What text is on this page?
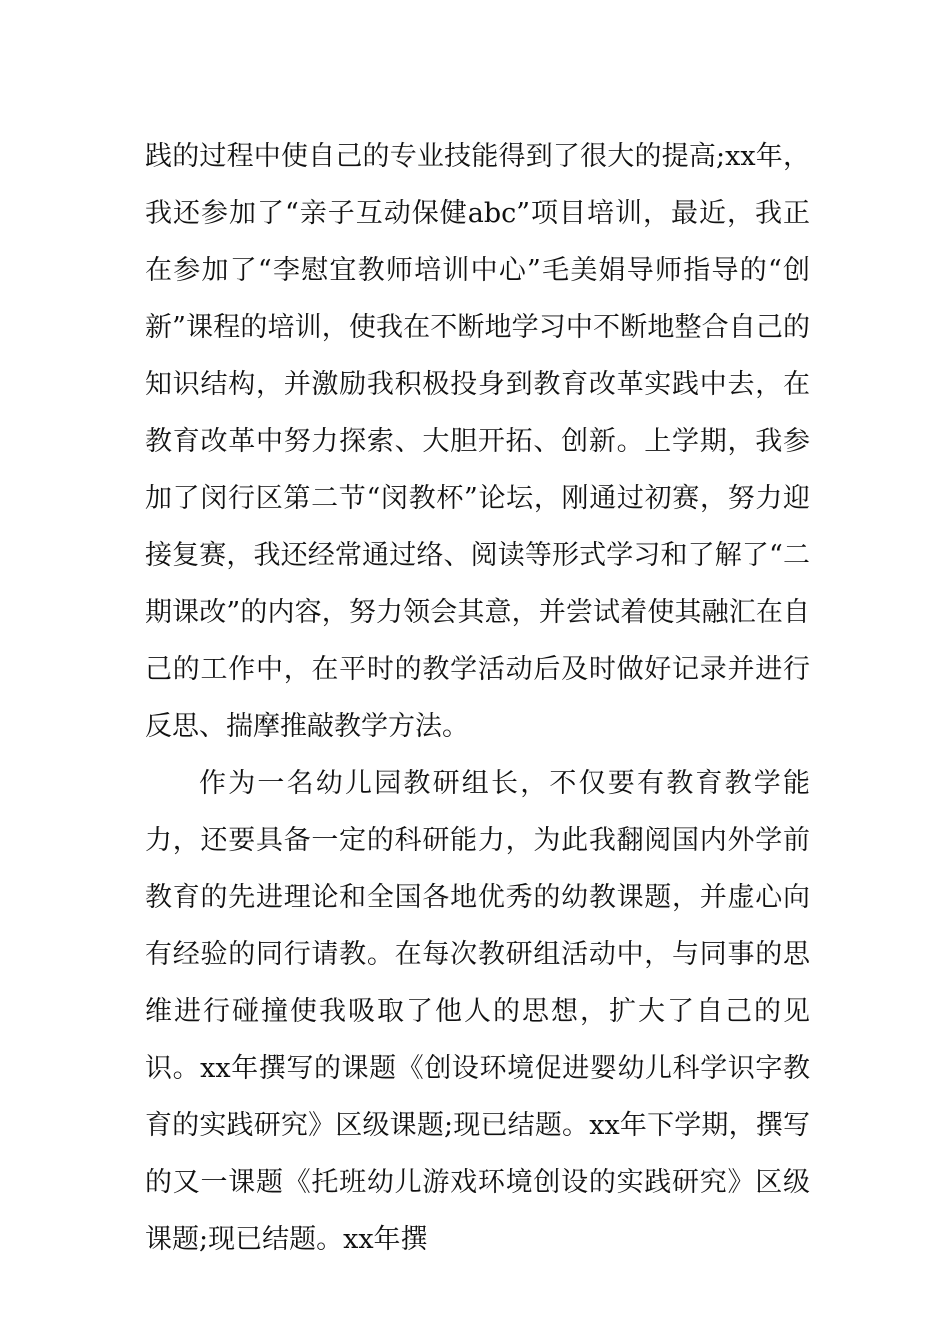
践的过程中使自己的专业技能得到了很大的提高;xx年，我还参加了“亲子互动保健abc”项目培训，最近，我正在参加了“李慰宜教师培训中心”毛美娟导师指导的“创新”课程的培训，使我在不断地学习中不断地整合自己的知识结构，并激励我积极投身到教育改革实践中去，在教育改革中努力探索、大胆开拓、创新。上学期，我参加了闵行区第二节“闵教杯”论坛，刚通过初赛，努力迎接复赛，我还经常通过络、阅读等形式学习和了解了“二期课改”的内容，努力领会其意，并尝试着使其融汇在自己的工作中，在平时的教学活动后及时做好记录并进行反思、揣摩推敲教学方法。

作为一名幼儿园教研组长，不仅要有教育教学能力，还要具备一定的科研能力，为此我翻阅国内外学前教育的先进理论和全国各地优秀的幼教课题，并虚心向有经验的同行请教。在每次教研组活动中，与同事的思维进行碰撞使我吸取了他人的思想，扩大了自己的见识。xx年撰写的课题《创设环境促进婴幼儿科学识字教育的实践研究》区级课题;现已结题。xx年下学期，撰写的又一课题《托班幼儿游戏环境创设的实践研究》区级课题;现已结题。xx年撰
